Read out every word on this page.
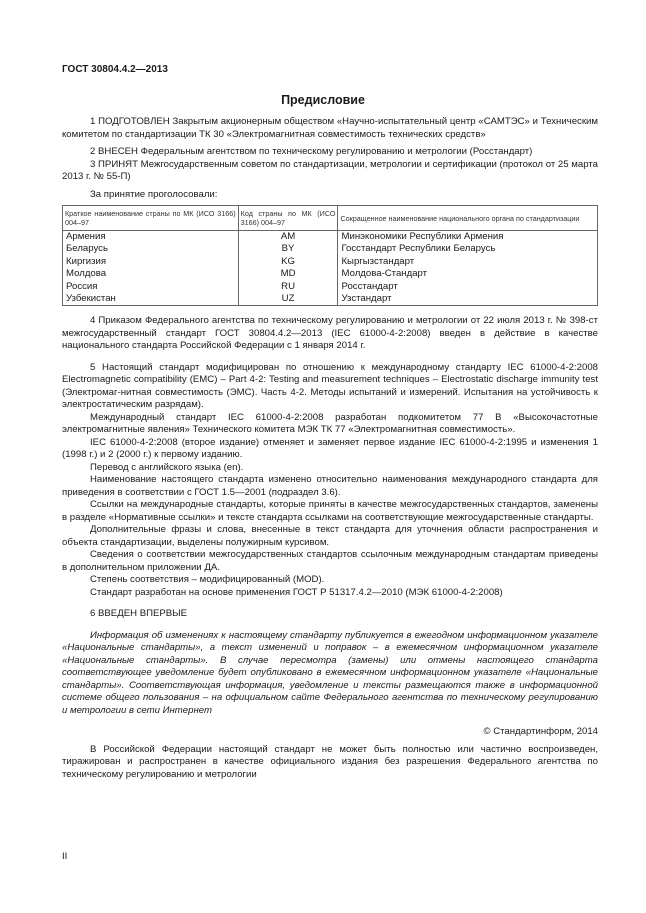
ГОСТ 30804.4.2—2013
Предисловие

1 ПОДГОТОВЛЕН Закрытым акционерным обществом «Научно-испытательный центр «САМТЭС» и Техническим комитетом по стандартизации ТК 30 «Электромагнитная совместимость технических средств»

2 ВНЕСЕН Федеральным агентством по техническому регулированию и метрологии (Росстандарт)

3 ПРИНЯТ Межгосударственным советом по стандартизации, метрологии и сертификации (протокол от 25 марта 2013 г. № 55-П)

За принятие проголосовали:

Краткое наименование страны по МК (ИСО 3166) 004–97	Код страны по МК (ИСО 3166) 004–97	Сокращенное наименование национального органа по стандартизации
Армения	AM	Минэкономики Республики Армения
Беларусь	BY	Госстандарт Республики Беларусь
Киргизия	KG	Кыргызстандарт
Молдова	MD	Молдова-Стандарт
Россия	RU	Росстандарт
Узбекистан	UZ	Узстандарт

4 Приказом Федерального агентства по техническому регулированию и метрологии от 22 июля 2013 г. № 398-ст межгосударственный стандарт ГОСТ 30804.4.2—2013 (IEC 61000-4-2:2008) введен в действие в качестве национального стандарта Российской Федерации с 1 января 2014 г.

5 Настоящий стандарт модифицирован по отношению к международному стандарту IEC 61000-4-2:2008 Electromagnetic compatibility (EMC) – Part 4-2: Testing and measurement techniques – Electrostatic discharge immunity test (Электромаг-нитная совместимость (ЭМС). Часть 4-2. Методы испытаний и измерений. Испытания на устойчивость к электростатическим разрядам).

Международный стандарт IEC 61000-4-2:2008 разработан подкомитетом 77 В «Высокочастотные электромагнитные явления» Технического комитета МЭК ТК 77 «Электромагнитная совместимость».

IEC 61000-4-2:2008 (второе издание) отменяет и заменяет первое издание IEC 61000-4-2:1995 и изменения 1 (1998 г.) и 2 (2000 г.) к первому изданию.

Перевод с английского языка (en).

Наименование настоящего стандарта изменено относительно наименования международного стандарта для приведения в соответствии с ГОСТ 1.5—2001 (подраздел 3.6).

Ссылки на международные стандарты, которые приняты в качестве межгосударственных стандартов, заменены в разделе «Нормативные ссылки» и тексте стандарта ссылками на соответствующие межгосударственные стандарты.

Дополнительные фразы и слова, внесенные в текст стандарта для уточнения области распространения и объекта стандартизации, выделены полужирным курсивом.

Сведения о соответствии межгосударственных стандартов ссылочным международным стандартам приведены в дополнительном приложении ДА.

Степень соответствия – модифицированный (MOD).

Стандарт разработан на основе применения ГОСТ Р 51317.4.2—2010 (МЭК 61000-4-2:2008)

6 ВВЕДЕН ВПЕРВЫЕ

Информация об изменениях к настоящему стандарту публикуется в ежегодном информационном указателе «Национальные стандарты», а текст изменений и поправок – в ежемесячном информационном указателе «Национальные стандарты». В случае пересмотра (замены) или отмены настоящего стандарта соответствующее уведомление будет опубликовано в ежемесячном информационном указателе «Национальные стандарты». Соответствующая информация, уведомление и тексты размещаются также в информационной системе общего пользования – на официальном сайте Федерального агентства по техническому регулированию и метрологии в сети Интернет

© Стандартинформ, 2014

В Российской Федерации настоящий стандарт не может быть полностью или частично воспроизведен, тиражирован и распространен в качестве официального издания без разрешения Федерального агентства по техническому регулированию и метрологии

II
